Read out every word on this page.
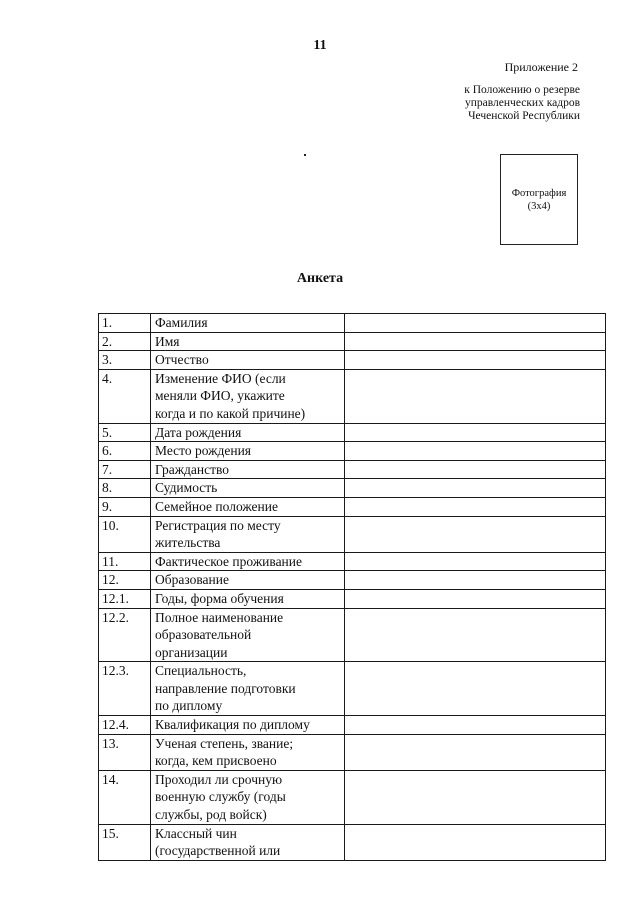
11
Приложение 2
к Положению о резерве
управленческих кадров
Чеченской Республики
Фотография
(3х4)
Анкета
1.	Фамилия	

2.	Имя	

3.	Отчество	

4.	Изменение ФИО (если
меняли ФИО, укажите
когда и по какой причине)	

5.	Дата рождения	

6.	Место рождения	

7.	Гражданство	

8.	Судимость	

9.	Семейное положение	

10.	Регистрация по месту
жительства	

11.	Фактическое проживание	

12.	Образование	

12.1.	Годы, форма обучения	

12.2.	Полное наименование
образовательной
организации	

12.3.	Специальность,
направление подготовки
по диплому	

12.4.	Квалификация по диплому	

13.	Ученая степень, звание;
когда, кем присвоено	

14.	Проходил ли срочную
военную службу (годы
службы, род войск)	

15.	Классный чин
(государственной или	
